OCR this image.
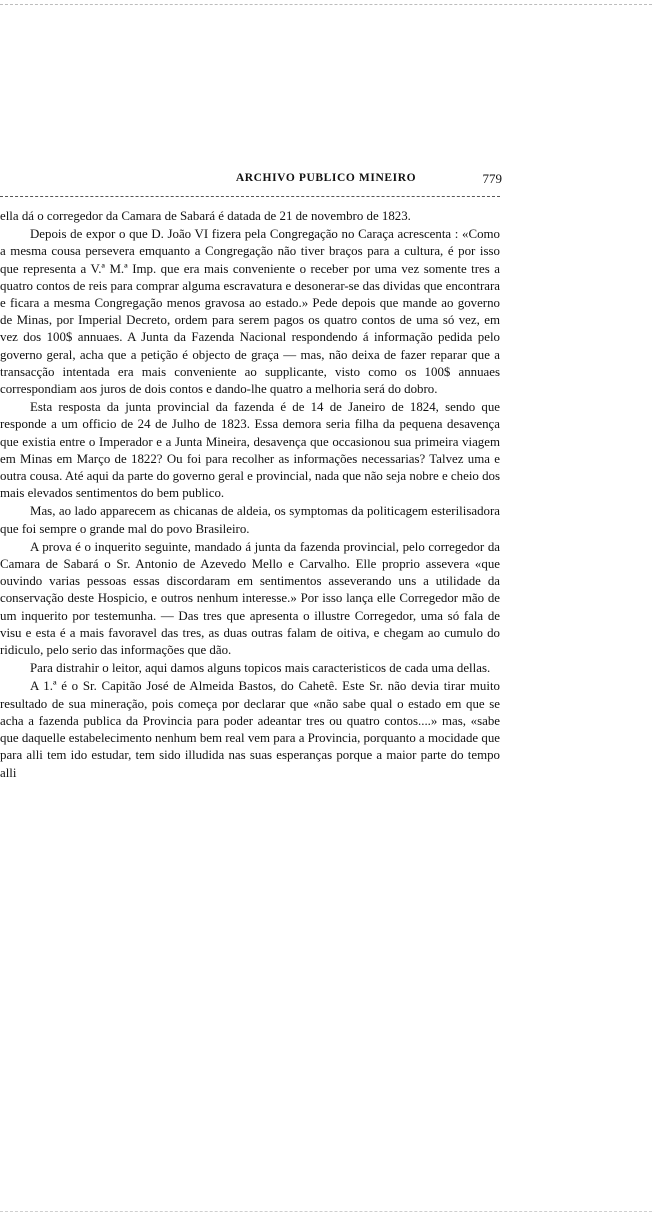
ARCHIVO PUBLICO MINEIRO	779

ella dá o corregedor da Camara de Sabará é datada de 21 de novembro de 1823.

Depois de expor o que D. João VI fizera pela Congregação no Caraça acrescenta : «Como a mesma cousa persevera emquanto a Congregação não tiver braços para a cultura, é por isso que representa a V.ª M.ª Imp. que era mais conveniente o receber por uma vez somente tres a quatro contos de reis para comprar alguma escravatura e desonerar-se das dividas que encontrara e ficara a mesma Congregação menos gravosa ao estado.» Pede depois que mande ao governo de Minas, por Imperial Decreto, ordem para serem pagos os quatro contos de uma só vez, em vez dos 100$ annuaes. A Junta da Fazenda Nacional respondendo á informação pedida pelo governo geral, acha que a petição é objecto de graça — mas, não deixa de fazer reparar que a transacção intentada era mais conveniente ao supplicante, visto como os 100$ annuaes correspondiam aos juros de dois contos e dando-lhe quatro a melhoria será do dobro.

Esta resposta da junta provincial da fazenda é de 14 de Janeiro de 1824, sendo que responde a um officio de 24 de Julho de 1823. Essa demora seria filha da pequena desavença que existia entre o Imperador e a Junta Mineira, desavença que occasionou sua primeira viagem em Minas em Março de 1822? Ou foi para recolher as informações necessarias? Talvez uma e outra cousa. Até aqui da parte do governo geral e provincial, nada que não seja nobre e cheio dos mais elevados sentimentos do bem publico.

Mas, ao lado apparecem as chicanas de aldeia, os symptomas da politicagem esterilisadora que foi sempre o grande mal do povo Brasileiro.

A prova é o inquerito seguinte, mandado á junta da fazenda provincial, pelo corregedor da Camara de Sabará o Sr. Antonio de Azevedo Mello e Carvalho. Elle proprio assevera «que ouvindo varias pessoas essas discordaram em sentimentos asseverando uns a utilidade da conservação deste Hospicio, e outros nenhum interesse.» Por isso lança elle Corregedor mão de um inquerito por testemunha. — Das tres que apresenta o illustre Corregedor, uma só fala de visu e esta é a mais favoravel das tres, as duas outras falam de oitiva, e chegam ao cumulo do ridiculo, pelo serio das informações que dão.

Para distrahir o leitor, aqui damos alguns topicos mais caracteristicos de cada uma dellas.

A 1.ª é o Sr. Capitão José de Almeida Bastos, do Cahetê. Este Sr. não devia tirar muito resultado de sua mineração, pois começa por declarar que «não sabe qual o estado em que se acha a fazenda publica da Provincia para poder adeantar tres ou quatro contos....» mas, «sabe que daquelle estabelecimento nenhum bem real vem para a Provincia, porquanto a mocidade que para alli tem ido estudar, tem sido illudida nas suas esperanças porque a maior parte do tempo alli
